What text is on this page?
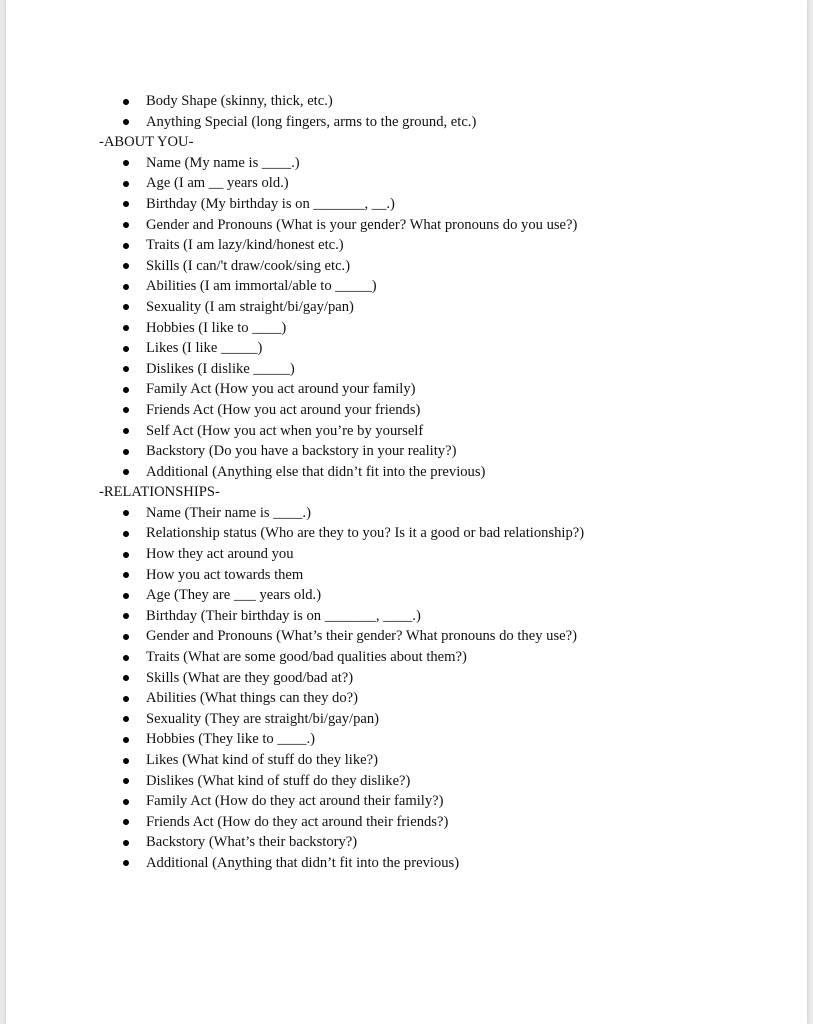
Body Shape (skinny, thick, etc.)
Anything Special (long fingers, arms to the ground, etc.)
-ABOUT YOU-
Name (My name is ____.)
Age (I am __ years old.)
Birthday (My birthday is on _______, __.)
Gender and Pronouns (What is your gender? What pronouns do you use?)
Traits (I am lazy/kind/honest etc.)
Skills (I can/'t draw/cook/sing etc.)
Abilities (I am immortal/able to _____)
Sexuality (I am straight/bi/gay/pan)
Hobbies (I like to ____)
Likes (I like _____)
Dislikes (I dislike _____)
Family Act (How you act around your family)
Friends Act (How you act around your friends)
Self Act (How you act when you’re by yourself
Backstory (Do you have a backstory in your reality?)
Additional (Anything else that didn’t fit into the previous)
-RELATIONSHIPS-
Name (Their name is ____.)
Relationship status (Who are they to you? Is it a good or bad relationship?)
How they act around you
How you act towards them
Age (They are ___ years old.)
Birthday (Their birthday is on _______, ____.)
Gender and Pronouns (What’s their gender? What pronouns do they use?)
Traits (What are some good/bad qualities about them?)
Skills (What are they good/bad at?)
Abilities (What things can they do?)
Sexuality (They are straight/bi/gay/pan)
Hobbies (They like to ____.)
Likes (What kind of stuff do they like?)
Dislikes (What kind of stuff do they dislike?)
Family Act (How do they act around their family?)
Friends Act (How do they act around their friends?)
Backstory (What’s their backstory?)
Additional (Anything that didn’t fit into the previous)
